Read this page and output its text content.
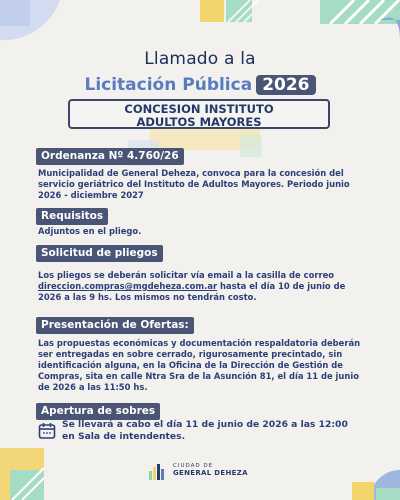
Llamado a la
Licitación Pública 2026
CONCESION INSTITUTO
ADULTOS MAYORES
Ordenanza Nº 4.760/26
Municipalidad de General Deheza, convoca para la concesión del servicio geriátrico del Instituto de Adultos Mayores. Periodo junio 2026 - diciembre 2027
Requisitos
Adjuntos en el pliego.
Solicitud de pliegos
Los pliegos se deberán solicitar vía email a la casilla de correo
direccion.compras@mgdeheza.com.ar hasta el día 10 de junio de 2026 a las 9 hs. Los mismos no tendrán costo.
Presentación de Ofertas:
Las propuestas económicas y documentación respaldatoria deberán ser entregadas en sobre cerrado, rigurosamente precintado, sin identificación alguna, en la Oficina de la Dirección de Gestión de Compras, sita en calle Ntra Sra de la Asunción 81, el día 11 de junio de 2026 a las 11:50 hs.
Apertura de sobres
Se llevará a cabo el día 11 de junio de 2026 a las 12:00 en Sala de intendentes.
CIUDAD DE
GENERAL DEHEZA
